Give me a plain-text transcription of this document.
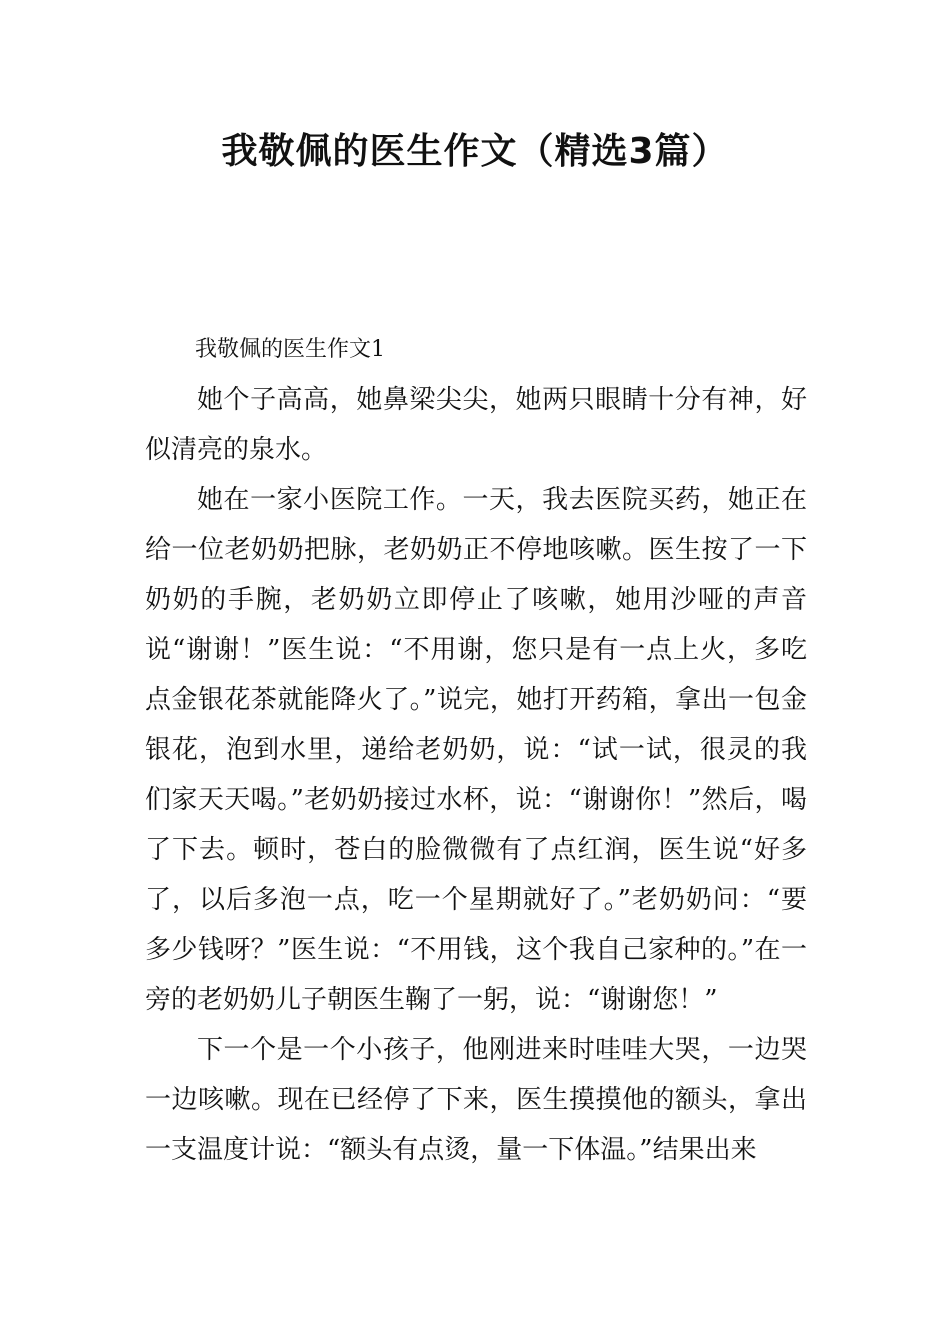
我敬佩的医生作文（精选3篇）
我敬佩的医生作文1

她个子高高，她鼻梁尖尖，她两只眼睛十分有神，好似清亮的泉水。

她在一家小医院工作。一天，我去医院买药，她正在给一位老奶奶把脉，老奶奶正不停地咳嗽。医生按了一下奶奶的手腕，老奶奶立即停止了咳嗽，她用沙哑的声音说“谢谢！”医生说：“不用谢，您只是有一点上火，多吃点金银花茶就能降火了。”说完，她打开药箱，拿出一包金银花，泡到水里，递给老奶奶，说：“试一试，很灵的我们家天天喝。”老奶奶接过水杯，说：“谢谢你！”然后，喝了下去。顿时，苍白的脸微微有了点红润，医生说“好多了，以后多泡一点，吃一个星期就好了。”老奶奶问：“要多少钱呀？”医生说：“不用钱，这个我自己家种的。”在一旁的老奶奶儿子朝医生鞠了一躬，说：“谢谢您！”

下一个是一个小孩子，他刚进来时哇哇大哭，一边哭一边咳嗽。现在已经停了下来，医生摸摸他的额头，拿出一支温度计说：“额头有点烫，量一下体温。”结果出来
